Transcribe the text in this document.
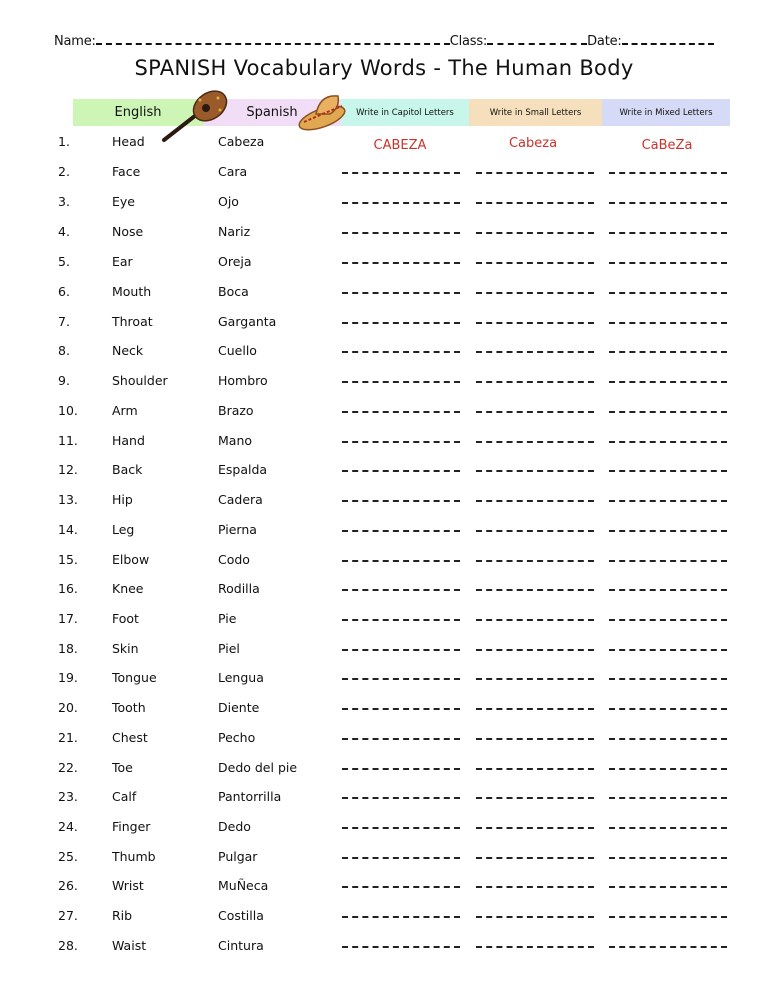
Name:	Class:	Date:
SPANISH Vocabulary Words - The Human Body
English	Spanish	Write in Capitol Letters	Write in Small Letters	Write in Mixed Letters
1.	Head	Cabeza	CABEZA	Cabeza	CaBeZa
2.	Face	Cara
3.	Eye	Ojo
4.	Nose	Nariz
5.	Ear	Oreja
6.	Mouth	Boca
7.	Throat	Garganta
8.	Neck	Cuello
9.	Shoulder	Hombro
10.	Arm	Brazo
11.	Hand	Mano
12.	Back	Espalda
13.	Hip	Cadera
14.	Leg	Pierna
15.	Elbow	Codo
16.	Knee	Rodilla
17.	Foot	Pie
18.	Skin	Piel
19.	Tongue	Lengua
20.	Tooth	Diente
21.	Chest	Pecho
22.	Toe	Dedo del pie
23.	Calf	Pantorrilla
24.	Finger	Dedo
25.	Thumb	Pulgar
26.	Wrist	MuÑeca
27.	Rib	Costilla
28.	Waist	Cintura
